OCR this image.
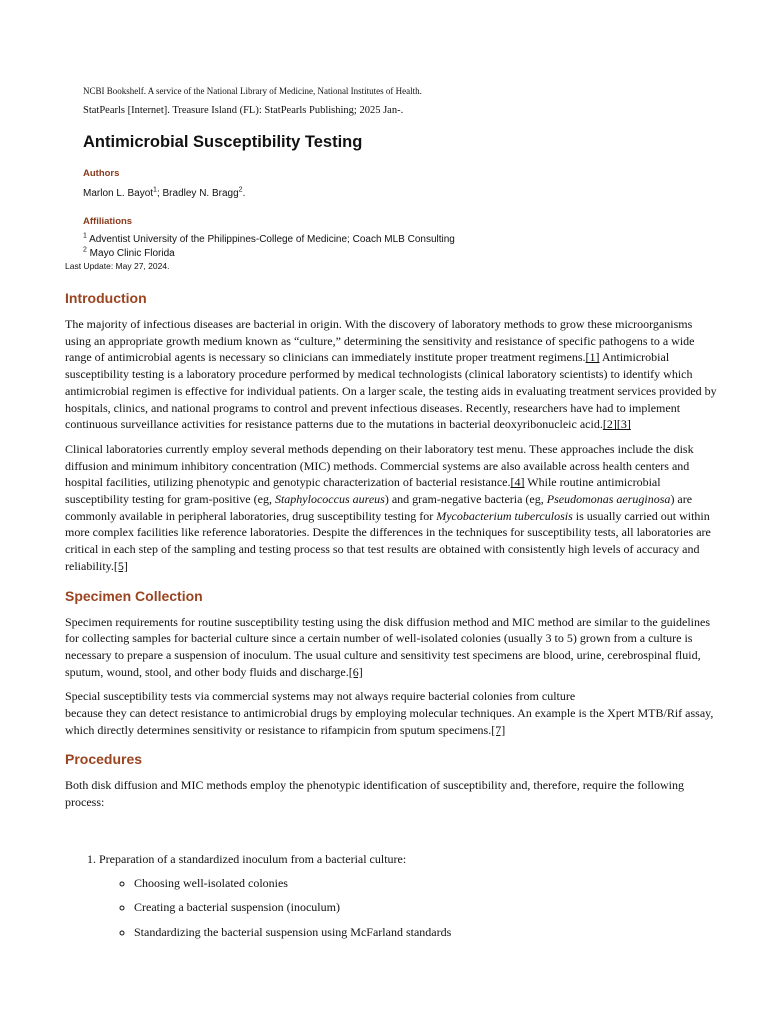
NCBI Bookshelf. A service of the National Library of Medicine, National Institutes of Health.

StatPearls [Internet]. Treasure Island (FL): StatPearls Publishing; 2025 Jan-.

Antimicrobial Susceptibility Testing

Authors

Marlon L. Bayot$^1$; Bradley N. Bragg$^2$.

Affiliations

$^1$ Adventist University of the Philippines-College of Medicine; Coach MLB Consulting

$^2$ Mayo Clinic Florida

Last Update: May 27, 2024.

Introduction

The majority of infectious diseases are bacterial in origin. With the discovery of laboratory methods to grow these microorganisms using an appropriate growth medium known as “culture,” determining the sensitivity and resistance of specific pathogens to a wide range of antimicrobial agents is necessary so clinicians can immediately institute proper treatment regimens.[1] Antimicrobial susceptibility testing is a laboratory procedure performed by medical technologists (clinical laboratory scientists) to identify which antimicrobial regimen is effective for individual patients. On a larger scale, the testing aids in evaluating treatment services provided by hospitals, clinics, and national programs to control and prevent infectious diseases. Recently, researchers have had to implement continuous surveillance activities for resistance patterns due to the mutations in bacterial deoxyribonucleic acid.[2][3]

Clinical laboratories currently employ several methods depending on their laboratory test menu. These approaches include the disk diffusion and minimum inhibitory concentration (MIC) methods. Commercial systems are also available across health centers and hospital facilities, utilizing phenotypic and genotypic characterization of bacterial resistance.[4] While routine antimicrobial susceptibility testing for gram-positive (eg, Staphylococcus aureus) and gram-negative bacteria (eg, Pseudomonas aeruginosa) are commonly available in peripheral laboratories, drug susceptibility testing for Mycobacterium tuberculosis is usually carried out within more complex facilities like reference laboratories. Despite the differences in the techniques for susceptibility tests, all laboratories are critical in each step of the sampling and testing process so that test results are obtained with consistently high levels of accuracy and reliability.[5]

Specimen Collection

Specimen requirements for routine susceptibility testing using the disk diffusion method and MIC method are similar to the guidelines for collecting samples for bacterial culture since a certain number of well-isolated colonies (usually 3 to 5) grown from a culture is necessary to prepare a suspension of inoculum. The usual culture and sensitivity test specimens are blood, urine, cerebrospinal fluid, sputum, wound, stool, and other body fluids and discharge.[6]

Special susceptibility tests via commercial systems may not always require bacterial colonies from culture
because they can detect resistance to antimicrobial drugs by employing molecular techniques. An example is the Xpert MTB/Rif assay, which directly determines sensitivity or resistance to rifampicin from sputum specimens.[7]

Procedures

Both disk diffusion and MIC methods employ the phenotypic identification of susceptibility and, therefore, require the following process:

1. Preparation of a standardized inoculum from a bacterial culture:
◦ Choosing well-isolated colonies
◦ Creating a bacterial suspension (inoculum)
◦ Standardizing the bacterial suspension using McFarland standards
